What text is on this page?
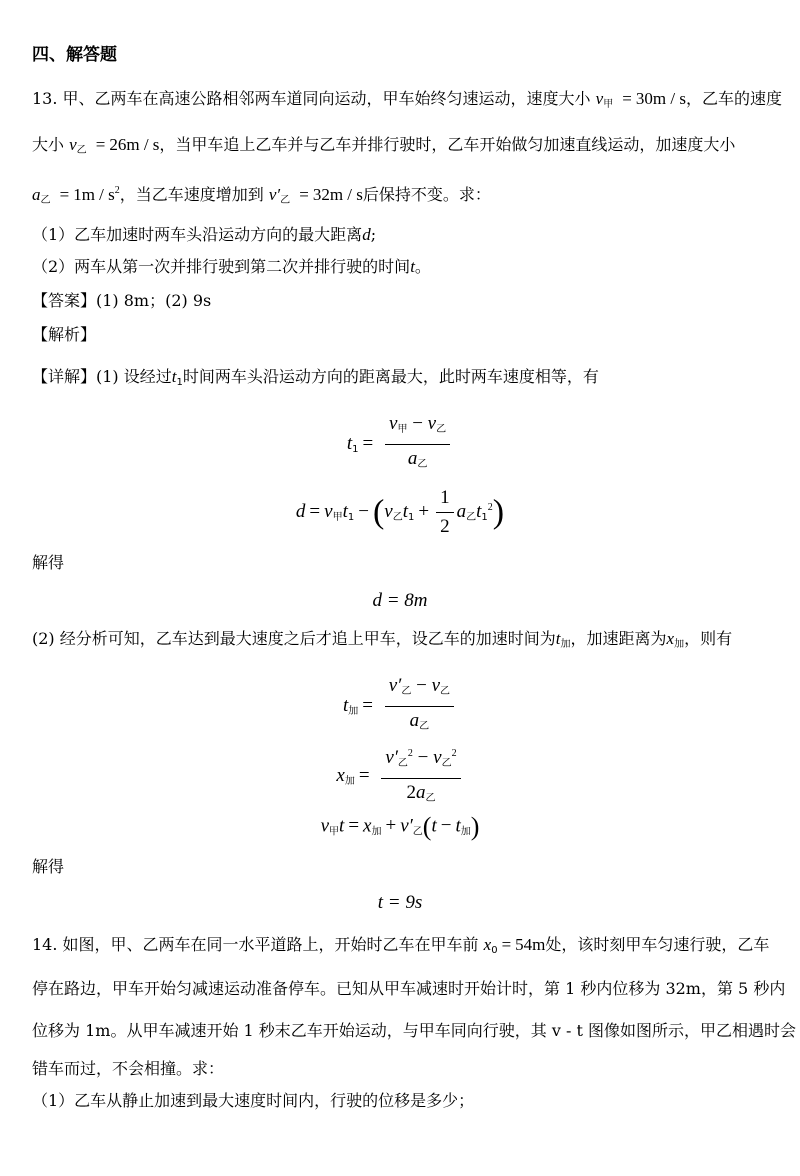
四、解答题
13. 甲、乙两车在高速公路相邻两车道同向运动，甲车始终匀速运动，速度大小 $v_甲 = 30m / s$，乙车的速度
大小 $v_乙 = 26m / s$，当甲车追上乙车并与乙车并排行驶时，乙车开始做匀加速直线运动，加速度大小
$a_乙 = 1m / s^2$，当乙车速度增加到 $v'_乙 = 32m / s$后保持不变。求：
（1）乙车加速时两车头沿运动方向的最大距离d;
（2）两车从第一次并排行驶到第二次并排行驶的时间t。
【答案】(1) 8m；(2) 9s
【解析】
【详解】(1) 设经过$t_1$时间两车头沿运动方向的距离最大，此时两车速度相等，有
$t_1 = \frac{v_甲 - v_乙}{a_乙}$
$d = v_甲t_1 - (v_乙t_1 + \frac{1}{2} a_乙t_1^2)$
解得
d = 8m
(2) 经分析可知，乙车达到最大速度之后才追上甲车，设乙车的加速时间为$t_加$，加速距离为$x_加$，则有
$t_加 = \frac{v'_乙 - v_乙}{a_乙}$
$x_加 = \frac{v'_乙^2 - v_乙^2}{2a_乙}$
$v_甲t = x_加 + v'_乙(t - t_加)$
解得
t = 9s
14. 如图，甲、乙两车在同一水平道路上，开始时乙车在甲车前 $x_0 = 54m$处，该时刻甲车匀速行驶，乙车
停在路边，甲车开始匀减速运动准备停车。已知从甲车减速时开始计时，第 1 秒内位移为 32m，第 5 秒内
位移为 1m。从甲车减速开始 1 秒末乙车开始运动，与甲车同向行驶，其 v - t 图像如图所示，甲乙相遇时会
错车而过，不会相撞。求：
（1）乙车从静止加速到最大速度时间内，行驶的位移是多少；
